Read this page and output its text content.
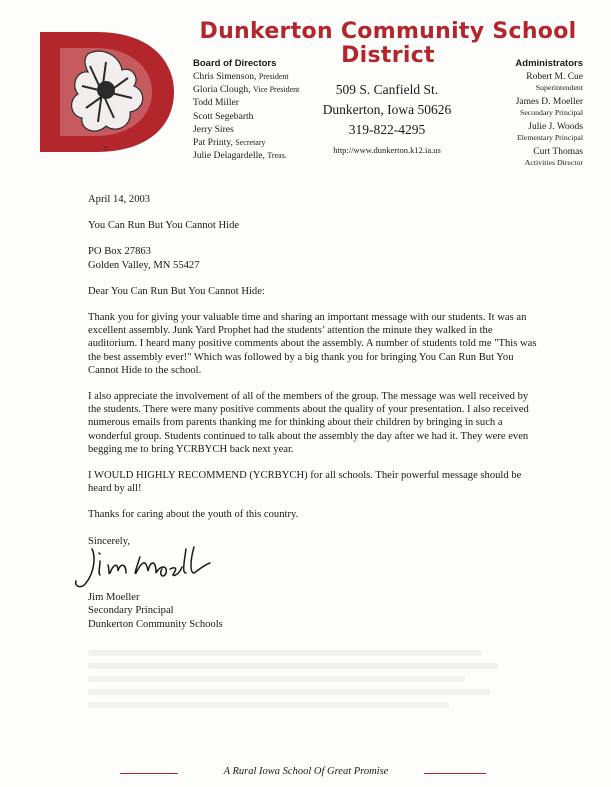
D
Dunkerton Community School District
Board of Directors
Chris Simenson, President
Gloria Clough, Vice President
Todd Miller
Scott Segebarth
Jerry Sires
Pat Printy, Secretary
Julie Delagardelle, Treas.
509 S. Canfield St.
Dunkerton, Iowa 50626
319-822-4295
http://www.dunkerton.k12.ia.us
Administrators
Robert M. Cue
Superintendent
James D. Moeller
Secondary Principal
Julie J. Woods
Elementary Principal
Curt Thomas
Activities Director

April 14, 2003

You Can Run But You Cannot Hide

PO Box 27863
Golden Valley, MN 55427

Dear You Can Run But You Cannot Hide:

Thank you for giving your valuable time and sharing an important message with our students. It was an excellent assembly. Junk Yard Prophet had the students’ attention the minute they walked in the auditorium. I heard many positive comments about the assembly. A number of students told me "This was the best assembly ever!" Which was followed by a big thank you for bringing You Can Run But You Cannot Hide to the school.

I also appreciate the involvement of all of the members of the group. The message was well received by the students. There were many positive comments about the quality of your presentation. I also received numerous emails from parents thanking me for thinking about their children by bringing in such a wonderful group. Students continued to talk about the assembly the day after we had it. They were even begging me to bring YCRBYCH back next year.

I WOULD HIGHLY RECOMMEND (YCRBYCH) for all schools. Their powerful message should be heard by all!

Thanks for caring about the youth of this country.

Sincerely,

Jim Moeller
Secondary Principal
Dunkerton Community Schools
A Rural Iowa School Of Great Promise
